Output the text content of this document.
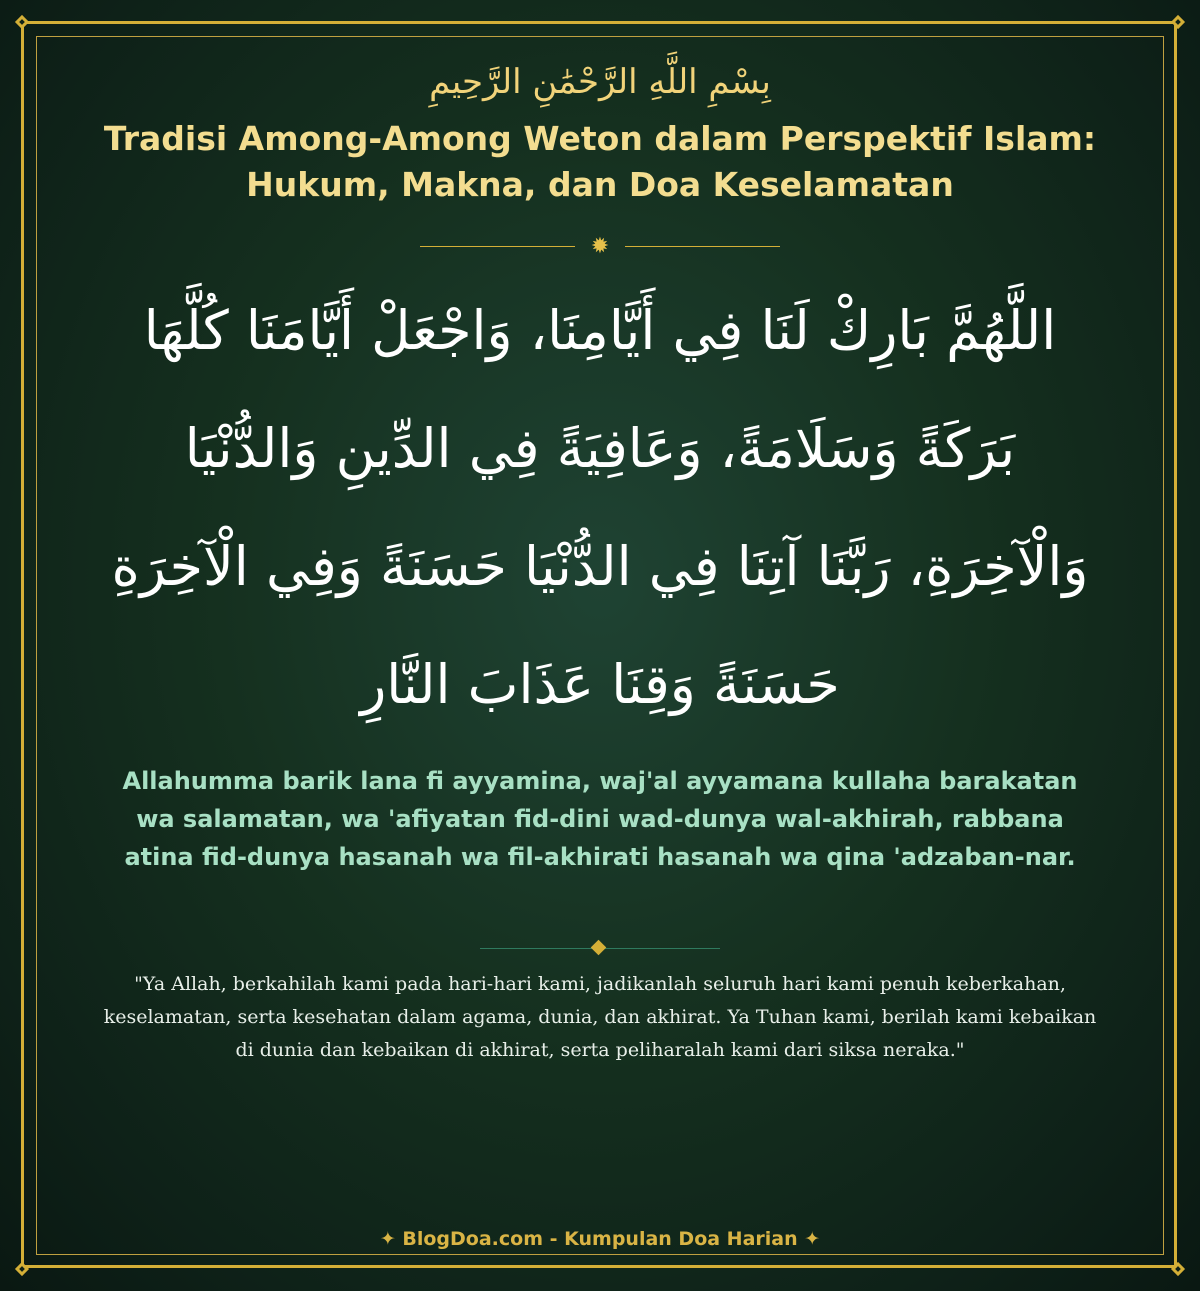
بِسْمِ اللَّهِ الرَّحْمَٰنِ الرَّحِيمِ
Tradisi Among-Among Weton dalam Perspektif Islam: Hukum, Makna, dan Doa Keselamatan
✹

اللَّهُمَّ بَارِكْ لَنَا فِي أَيَّامِنَا، وَاجْعَلْ أَيَّامَنَا كُلَّهَا بَرَكَةً وَسَلَامَةً، وَعَافِيَةً فِي الدِّينِ وَالدُّنْيَا وَالْآخِرَةِ، رَبَّنَا آتِنَا فِي الدُّنْيَا حَسَنَةً وَفِي الْآخِرَةِ حَسَنَةً وَقِنَا عَذَابَ النَّارِ

Allahumma barik lana fi ayyamina, waj'al ayyamana kullaha barakatan wa salamatan, wa 'afiyatan fid-dini wad-dunya wal-akhirah, rabbana atina fid-dunya hasanah wa fil-akhirati hasanah wa qina 'adzaban-nar.

"Ya Allah, berkahilah kami pada hari-hari kami, jadikanlah seluruh hari kami penuh keberkahan, keselamatan, serta kesehatan dalam agama, dunia, dan akhirat. Ya Tuhan kami, berilah kami kebaikan di dunia dan kebaikan di akhirat, serta peliharalah kami dari siksa neraka."

✦ BlogDoa.com - Kumpulan Doa Harian ✦
